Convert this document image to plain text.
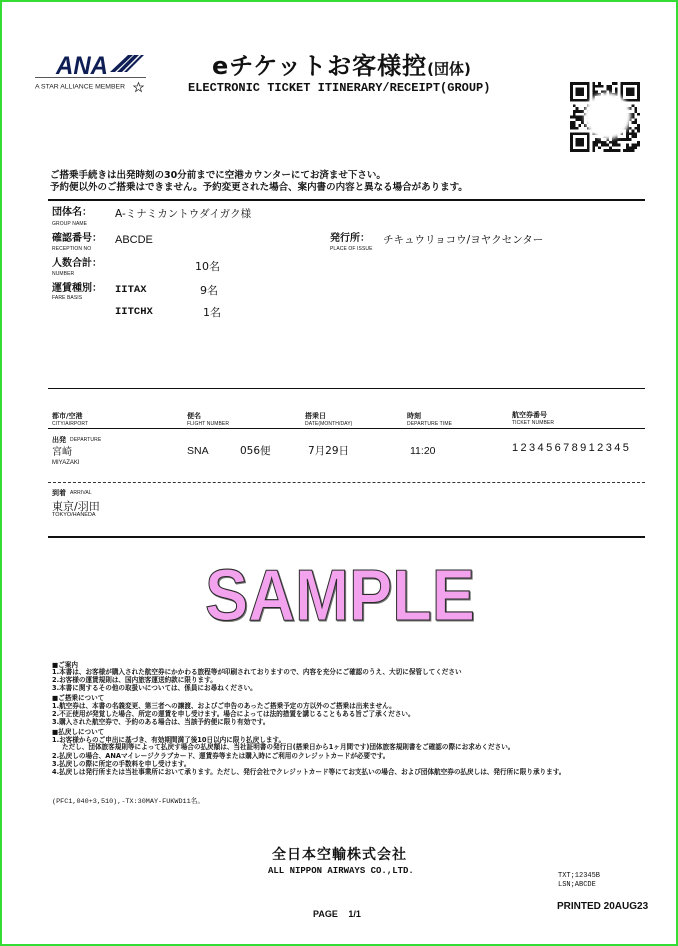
ANA
A STAR ALLIANCE MEMBER
eチケットお客様控(団体)
ELECTRONIC TICKET ITINERARY/RECEIPT(GROUP)
ご搭乗手続きは出発時刻の30分前までに空港カウンターにてお済ませ下さい。
予約便以外のご搭乗はできません。予約変更された場合、案内書の内容と異なる場合があります。
団体名：
GROUP NAME
A-ミナミカントウダイガク様
確認番号：
RECEPTION NO
ABCDE	発行所：
PLACE OF ISSUE
チキュウリョコウ/ヨヤクセンター
人数合計：
NUMBER
10名
運賃種別：
FARE BASIS
IITAX	9名
IITCHX	1名
都市/空港
CITY/AIRPORT
便名
FLIGHT NUMBER
搭乗日
DATE(MONTH/DAY)
時刻
DEPARTURE TIME
航空券番号
TICKET NUMBER
出発 DEPARTURE
宮崎
MIYAZAKI
SNA	056便	7月29日	11:20	12345678912345
到着 ARRIVAL
東京/羽田
TOKYO/HANEDA
SAMPLE
■ご案内
1.本書は、お客様が購入された航空券にかかわる旅程等が印刷されておりますので、内容を充分にご確認のうえ、大切に保管してください
2.お客様の運賃規則は、国内旅客運送約款に限ります。
3.本書に関するその他の取扱いについては、係員にお尋ねください。
■ご搭乗について
1.航空券は、本書の名義変更、第三者への譲渡、およびご申告のあったご搭乗予定の方以外のご搭乗は出来ません。
2.不正使用が発覚した場合、所定の運賃を申し受けます。場合によっては法的措置を講じることもある旨ご了承ください。
3.購入された航空券で、予約のある場合は、当該予約便に限り有効です。
■払戻しについて
1.お客様からのご申出に基づき、有効期間満了後10日以内に限り払戻します。
ただし、団体旅客規則等によって払戻す場合の払戻額は、当社証明書の発行日(搭乗日から1ヶ月間です)団体旅客規則書をご確認の際にお求めください。
2.払戻しの場合、ANAマイレージクラブカード、運賃券等または購入時にご利用のクレジットカードが必要です。
3.払戻しの際に所定の手数料を申し受けます。
4.払戻しは発行所または当社事業所において承ります。ただし、発行会社でクレジットカード等にてお支払いの場合、および団体航空券の払戻しは、発行所に限り承ります。
(PFC1,040+3,510),-TX:30MAY-FUKWD11名。
全日本空輸株式会社
ALL NIPPON AIRWAYS CO.,LTD.	TXT;12345B
LSN;ABCDE
PRINTED 20AUG23
PAGE 1/1
